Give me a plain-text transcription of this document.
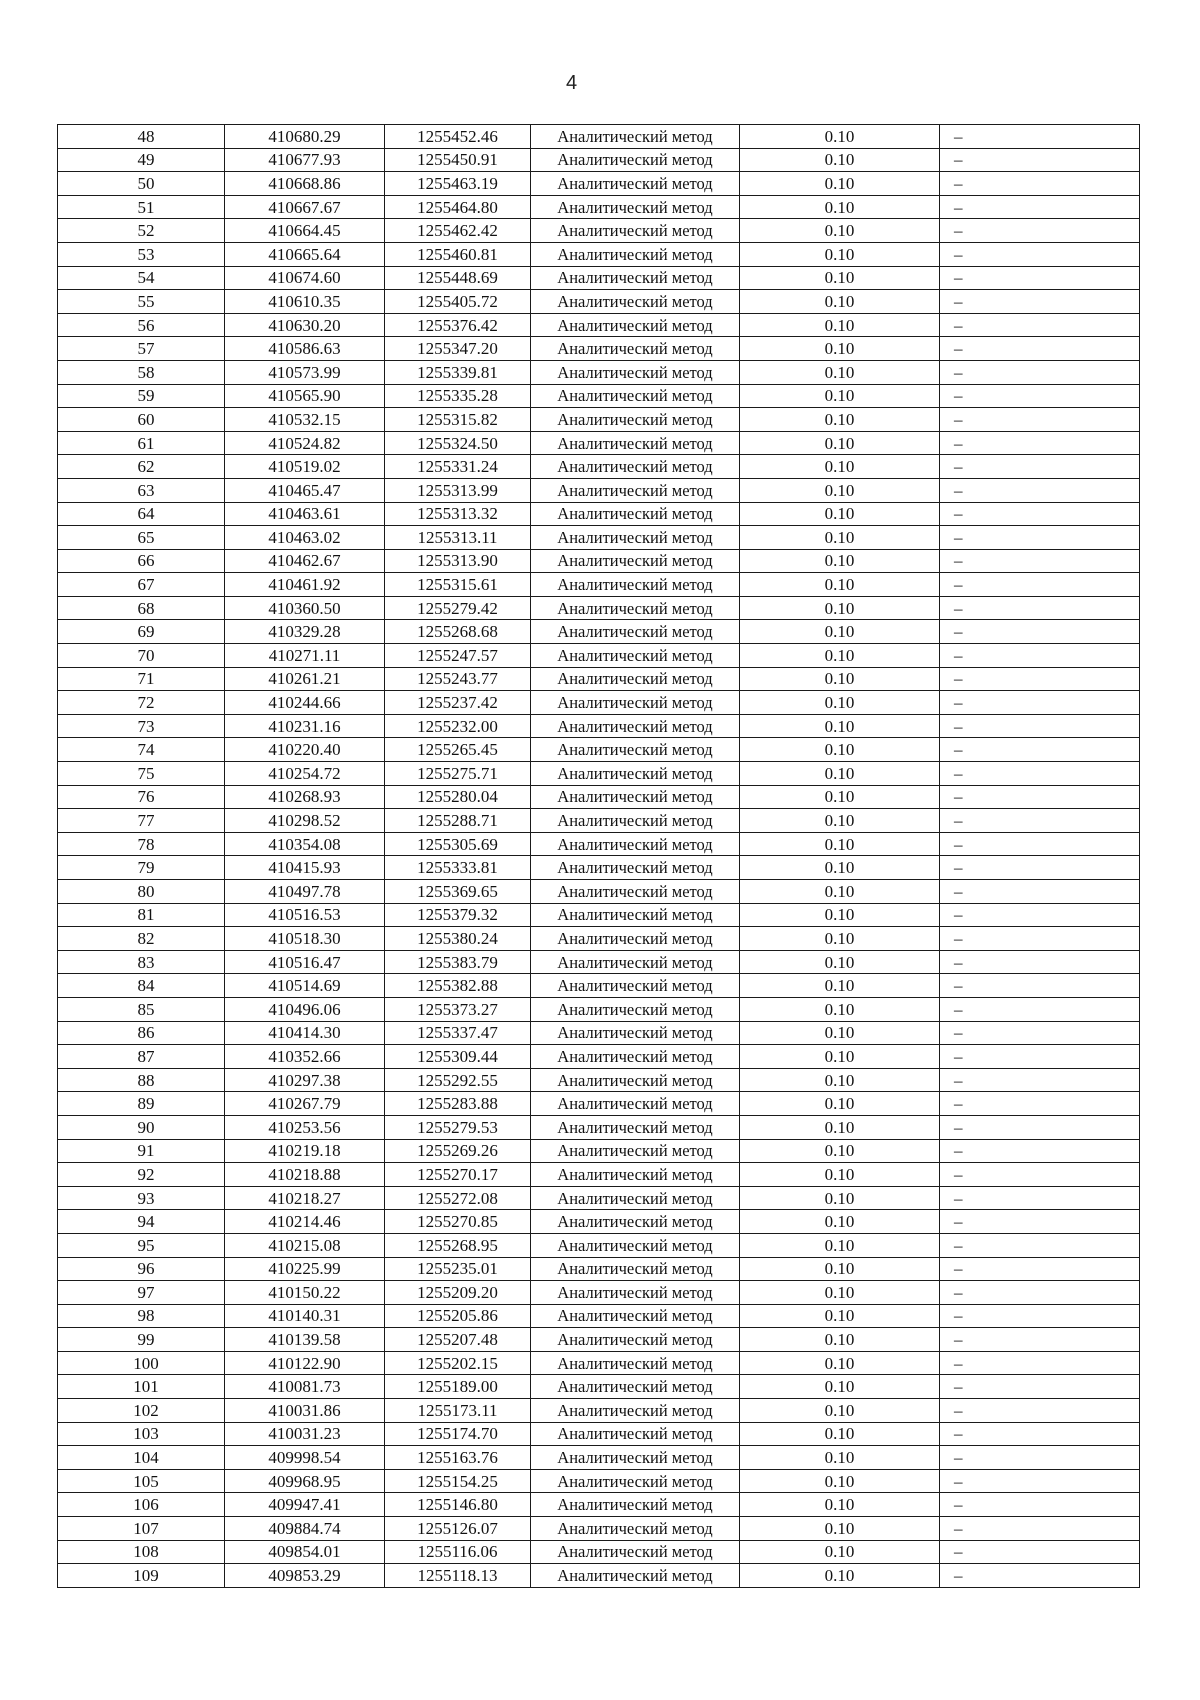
4
48	410680.29	1255452.46	Аналитический метод	0.10	–
49	410677.93	1255450.91	Аналитический метод	0.10	–
50	410668.86	1255463.19	Аналитический метод	0.10	–
51	410667.67	1255464.80	Аналитический метод	0.10	–
52	410664.45	1255462.42	Аналитический метод	0.10	–
53	410665.64	1255460.81	Аналитический метод	0.10	–
54	410674.60	1255448.69	Аналитический метод	0.10	–
55	410610.35	1255405.72	Аналитический метод	0.10	–
56	410630.20	1255376.42	Аналитический метод	0.10	–
57	410586.63	1255347.20	Аналитический метод	0.10	–
58	410573.99	1255339.81	Аналитический метод	0.10	–
59	410565.90	1255335.28	Аналитический метод	0.10	–
60	410532.15	1255315.82	Аналитический метод	0.10	–
61	410524.82	1255324.50	Аналитический метод	0.10	–
62	410519.02	1255331.24	Аналитический метод	0.10	–
63	410465.47	1255313.99	Аналитический метод	0.10	–
64	410463.61	1255313.32	Аналитический метод	0.10	–
65	410463.02	1255313.11	Аналитический метод	0.10	–
66	410462.67	1255313.90	Аналитический метод	0.10	–
67	410461.92	1255315.61	Аналитический метод	0.10	–
68	410360.50	1255279.42	Аналитический метод	0.10	–
69	410329.28	1255268.68	Аналитический метод	0.10	–
70	410271.11	1255247.57	Аналитический метод	0.10	–
71	410261.21	1255243.77	Аналитический метод	0.10	–
72	410244.66	1255237.42	Аналитический метод	0.10	–
73	410231.16	1255232.00	Аналитический метод	0.10	–
74	410220.40	1255265.45	Аналитический метод	0.10	–
75	410254.72	1255275.71	Аналитический метод	0.10	–
76	410268.93	1255280.04	Аналитический метод	0.10	–
77	410298.52	1255288.71	Аналитический метод	0.10	–
78	410354.08	1255305.69	Аналитический метод	0.10	–
79	410415.93	1255333.81	Аналитический метод	0.10	–
80	410497.78	1255369.65	Аналитический метод	0.10	–
81	410516.53	1255379.32	Аналитический метод	0.10	–
82	410518.30	1255380.24	Аналитический метод	0.10	–
83	410516.47	1255383.79	Аналитический метод	0.10	–
84	410514.69	1255382.88	Аналитический метод	0.10	–
85	410496.06	1255373.27	Аналитический метод	0.10	–
86	410414.30	1255337.47	Аналитический метод	0.10	–
87	410352.66	1255309.44	Аналитический метод	0.10	–
88	410297.38	1255292.55	Аналитический метод	0.10	–
89	410267.79	1255283.88	Аналитический метод	0.10	–
90	410253.56	1255279.53	Аналитический метод	0.10	–
91	410219.18	1255269.26	Аналитический метод	0.10	–
92	410218.88	1255270.17	Аналитический метод	0.10	–
93	410218.27	1255272.08	Аналитический метод	0.10	–
94	410214.46	1255270.85	Аналитический метод	0.10	–
95	410215.08	1255268.95	Аналитический метод	0.10	–
96	410225.99	1255235.01	Аналитический метод	0.10	–
97	410150.22	1255209.20	Аналитический метод	0.10	–
98	410140.31	1255205.86	Аналитический метод	0.10	–
99	410139.58	1255207.48	Аналитический метод	0.10	–
100	410122.90	1255202.15	Аналитический метод	0.10	–
101	410081.73	1255189.00	Аналитический метод	0.10	–
102	410031.86	1255173.11	Аналитический метод	0.10	–
103	410031.23	1255174.70	Аналитический метод	0.10	–
104	409998.54	1255163.76	Аналитический метод	0.10	–
105	409968.95	1255154.25	Аналитический метод	0.10	–
106	409947.41	1255146.80	Аналитический метод	0.10	–
107	409884.74	1255126.07	Аналитический метод	0.10	–
108	409854.01	1255116.06	Аналитический метод	0.10	–
109	409853.29	1255118.13	Аналитический метод	0.10	–
